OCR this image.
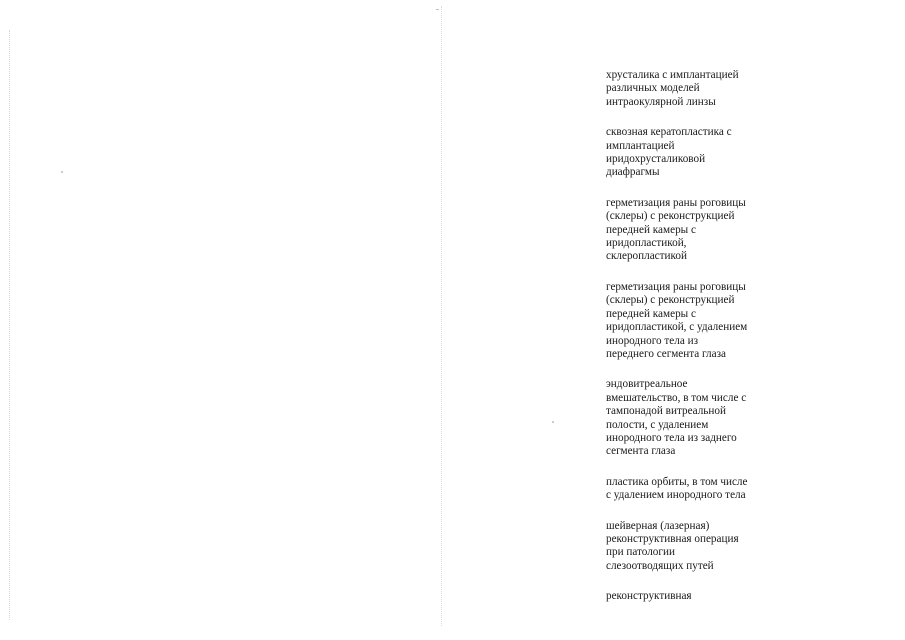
хрусталика с имплантацией
различных моделей
интраокулярной линзы
сквозная кератопластика с
имплантацией
иридохрусталиковой
диафрагмы
герметизация раны роговицы
(склеры) с реконструкцией
передней камеры с
иридопластикой,
склеропластикой
герметизация раны роговицы
(склеры) с реконструкцией
передней камеры с
иридопластикой, с удалением
инородного тела из
переднего сегмента глаза
эндовитреальное
вмешательство, в том числе с
тампонадой витреальной
полости, с удалением
инородного тела из заднего
сегмента глаза
пластика орбиты, в том числе
с удалением инородного тела
шейверная (лазерная)
реконструктивная операция
при патологии
слезоотводящих путей
реконструктивная
